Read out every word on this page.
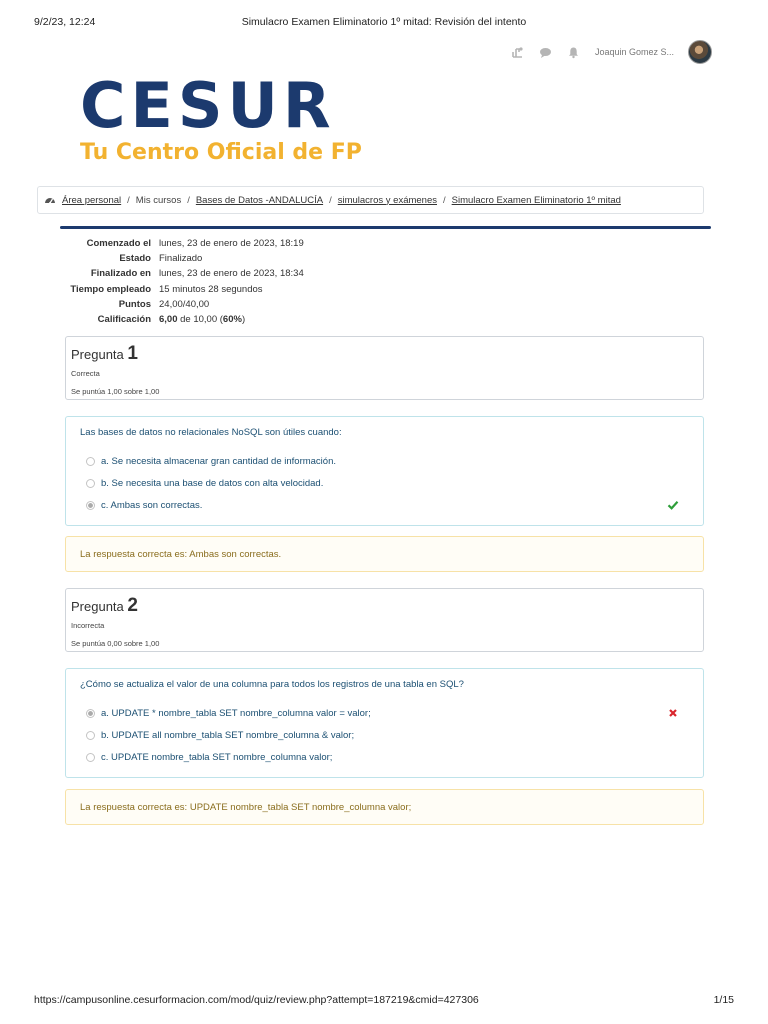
9/2/23, 12:24	Simulacro Examen Eliminatorio 1º mitad: Revisión del intento
Joaquin Gomez S...
CESUR
Tu Centro Oficial de FP
Área personal / Mis cursos / Bases de Datos -ANDALUCÍA / simulacros y exámenes / Simulacro Examen Eliminatorio 1º mitad
Comenzado el lunes, 23 de enero de 2023, 18:19
Estado Finalizado
Finalizado en lunes, 23 de enero de 2023, 18:34
Tiempo empleado 15 minutos 28 segundos
Puntos 24,00/40,00
Calificación 6,00 de 10,00 (60%)
Pregunta 1
Correcta
Se puntúa 1,00 sobre 1,00
Las bases de datos no relacionales NoSQL son útiles cuando:
a. Se necesita almacenar gran cantidad de información.
b. Se necesita una base de datos con alta velocidad.
c. Ambas son correctas.
La respuesta correcta es: Ambas son correctas.
Pregunta 2
Incorrecta
Se puntúa 0,00 sobre 1,00
¿Cómo se actualiza el valor de una columna para todos los registros de una tabla en SQL?
a. UPDATE * nombre_tabla SET nombre_columna valor = valor;
b. UPDATE all nombre_tabla SET nombre_columna & valor;
c. UPDATE nombre_tabla SET nombre_columna valor;
La respuesta correcta es: UPDATE nombre_tabla SET nombre_columna valor;
https://campusonline.cesurformacion.com/mod/quiz/review.php?attempt=187219&cmid=427306	1/15
